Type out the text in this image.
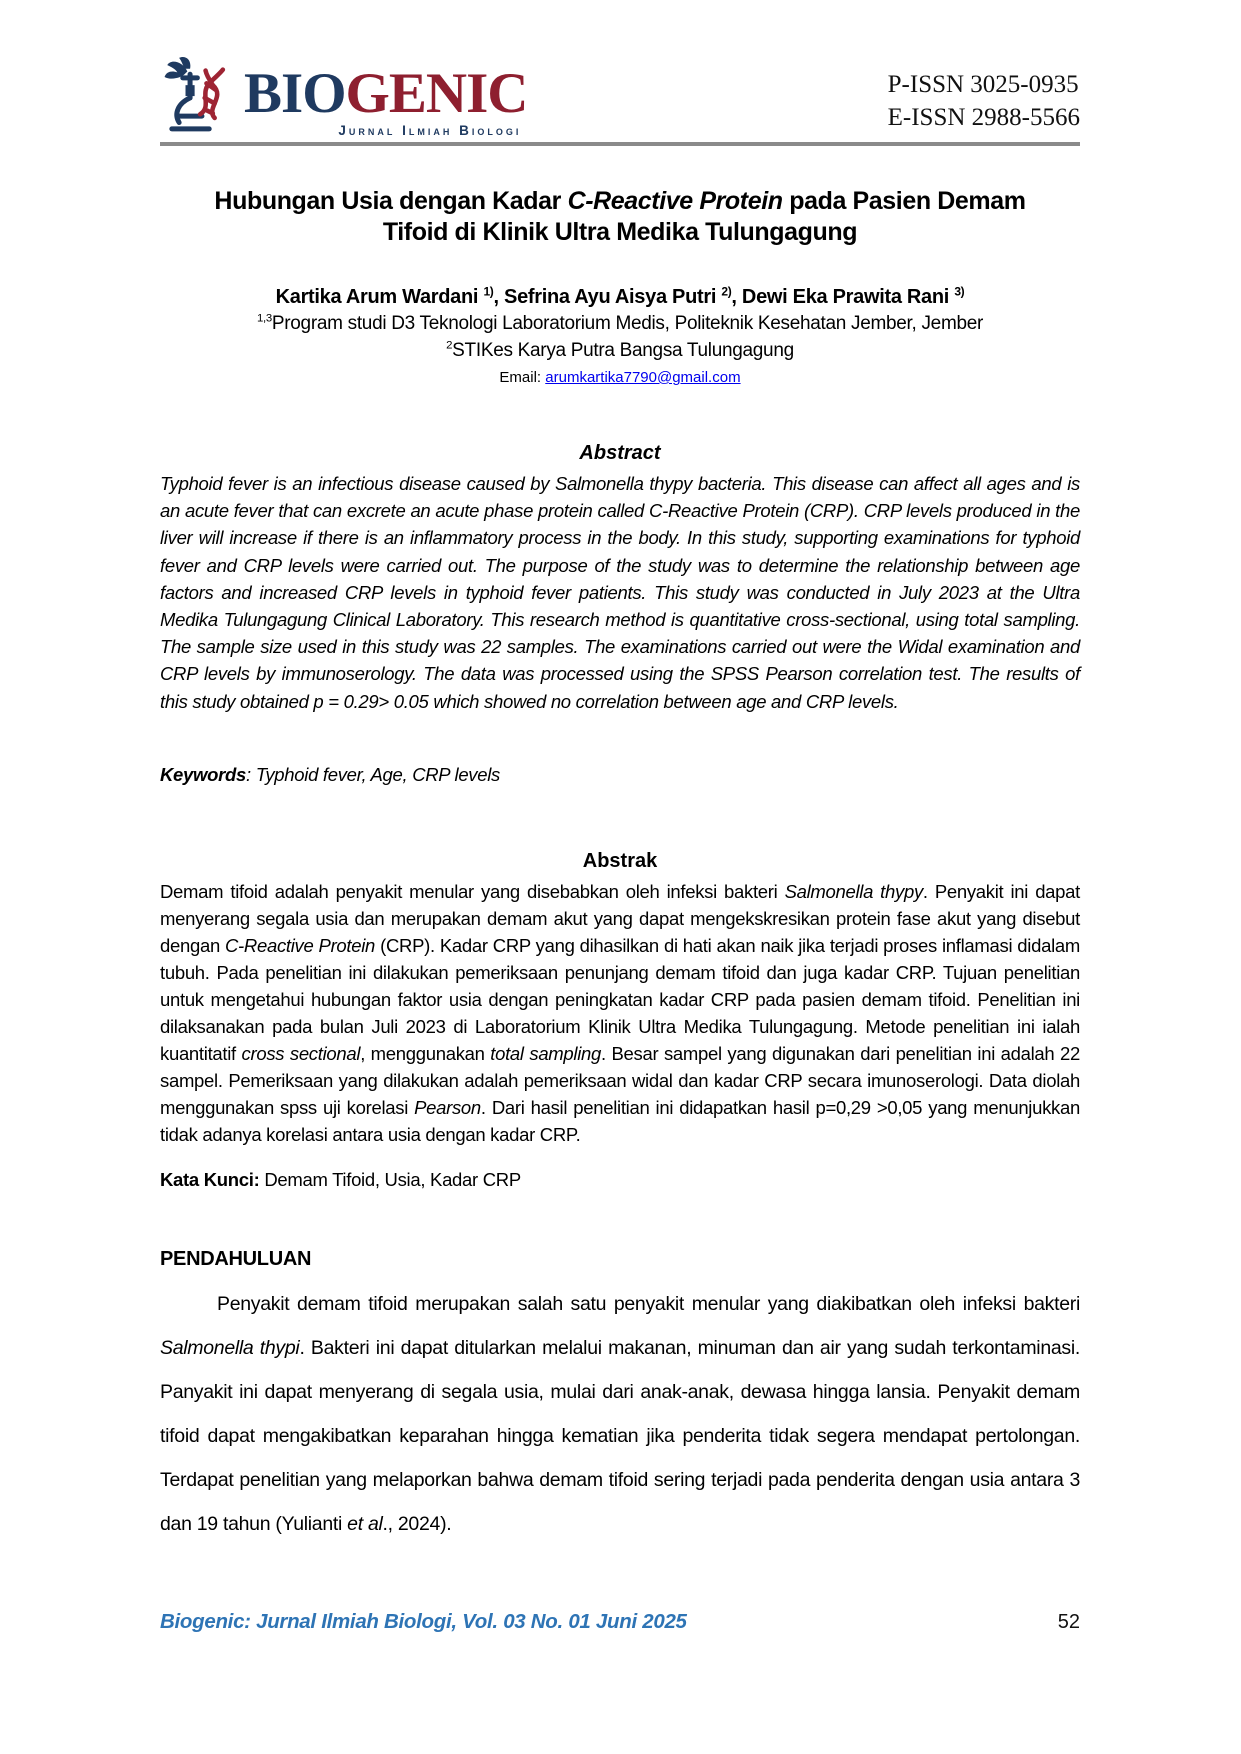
BIOGENIC
Jurnal Ilmiah Biologi
P-ISSN 3025-0935
E-ISSN 2988-5566
Hubungan Usia dengan Kadar C-Reactive Protein pada Pasien Demam
Tifoid di Klinik Ultra Medika Tulungagung

Kartika Arum Wardani $^{1)}$, Sefrina Ayu Aisya Putri $^{2)}$, Dewi Eka Prawita Rani $^{3)}$

$^{1,3}$Program studi D3 Teknologi Laboratorium Medis, Politeknik Kesehatan Jember, Jember

$^2$STIKes Karya Putra Bangsa Tulungagung

Email: arumkartika7790@gmail.com

Abstract

Typhoid fever is an infectious disease caused by Salmonella thypy bacteria. This disease can affect all ages and is an acute fever that can excrete an acute phase protein called C-Reactive Protein (CRP). CRP levels produced in the liver will increase if there is an inflammatory process in the body. In this study, supporting examinations for typhoid fever and CRP levels were carried out. The purpose of the study was to determine the relationship between age factors and increased CRP levels in typhoid fever patients. This study was conducted in July 2023 at the Ultra Medika Tulungagung Clinical Laboratory. This research method is quantitative cross-sectional, using total sampling. The sample size used in this study was 22 samples. The examinations carried out were the Widal examination and CRP levels by immunoserology. The data was processed using the SPSS Pearson correlation test. The results of this study obtained p = 0.29> 0.05 which showed no correlation between age and CRP levels.

Keywords: Typhoid fever, Age, CRP levels

Abstrak

Demam tifoid adalah penyakit menular yang disebabkan oleh infeksi bakteri Salmonella thypy. Penyakit ini dapat menyerang segala usia dan merupakan demam akut yang dapat mengekskresikan protein fase akut yang disebut dengan C-Reactive Protein (CRP). Kadar CRP yang dihasilkan di hati akan naik jika terjadi proses inflamasi didalam tubuh. Pada penelitian ini dilakukan pemeriksaan penunjang demam tifoid dan juga kadar CRP. Tujuan penelitian untuk mengetahui hubungan faktor usia dengan peningkatan kadar CRP pada pasien demam tifoid. Penelitian ini dilaksanakan pada bulan Juli 2023 di Laboratorium Klinik Ultra Medika Tulungagung. Metode penelitian ini ialah kuantitatif cross sectional, menggunakan total sampling. Besar sampel yang digunakan dari penelitian ini adalah 22 sampel. Pemeriksaan yang dilakukan adalah pemeriksaan widal dan kadar CRP secara imunoserologi. Data diolah menggunakan spss uji korelasi Pearson. Dari hasil penelitian ini didapatkan hasil p=0,29 >0,05 yang menunjukkan tidak adanya korelasi antara usia dengan kadar CRP.

Kata Kunci: Demam Tifoid, Usia, Kadar CRP

PENDAHULUAN

Penyakit demam tifoid merupakan salah satu penyakit menular yang diakibatkan oleh infeksi bakteri Salmonella thypi. Bakteri ini dapat ditularkan melalui makanan, minuman dan air yang sudah terkontaminasi. Panyakit ini dapat menyerang di segala usia, mulai dari anak-anak, dewasa hingga lansia. Penyakit demam tifoid dapat mengakibatkan keparahan hingga kematian jika penderita tidak segera mendapat pertolongan. Terdapat penelitian yang melaporkan bahwa demam tifoid sering terjadi pada penderita dengan usia antara 3 dan 19 tahun (Yulianti et al., 2024).

Biogenic: Jurnal Ilmiah Biologi, Vol. 03 No. 01 Juni 2025	52
